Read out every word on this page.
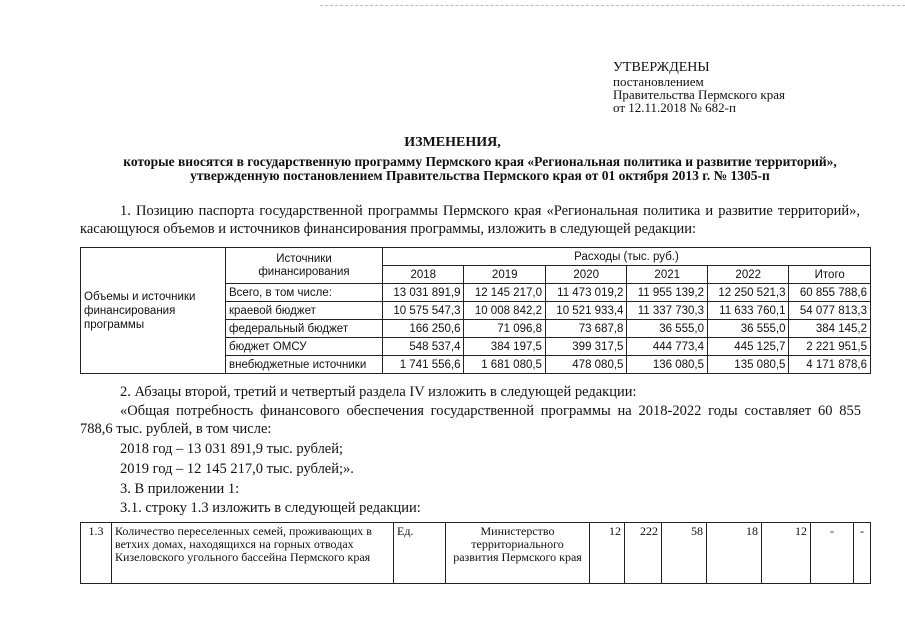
УТВЕРЖДЕНЫ
постановлением
Правительства Пермского края
от 12.11.2018 № 682-п
ИЗМЕНЕНИЯ,
которые вносятся в государственную программу Пермского края «Региональная политика и развитие территорий», утвержденную постановлением Правительства Пермского края от 01 октября 2013 г. № 1305-п
1. Позицию паспорта государственной программы Пермского края «Региональная политика и развитие территорий», касающуюся объемов и источников финансирования программы, изложить в следующей редакции:
Объемы и источники финансирования программы	Источники финансирования	Расходы (тыс. руб.)					
		2018	2019	2020	2021	2022	Итого
	Всего, в том числе:	13 031 891,9	12 145 217,0	11 473 019,2	11 955 139,2	12 250 521,3	60 855 788,6
	краевой бюджет	10 575 547,3	10 008 842,2	10 521 933,4	11 337 730,3	11 633 760,1	54 077 813,3
	федеральный бюджет	166 250,6	71 096,8	73 687,8	36 555,0	36 555,0	384 145,2
	бюджет ОМСУ	548 537,4	384 197,5	399 317,5	444 773,4	445 125,7	2 221 951,5
	внебюджетные источники	1 741 556,6	1 681 080,5	478 080,5	136 080,5	135 080,5	4 171 878,6
2. Абзацы второй, третий и четвертый раздела IV изложить в следующей редакции:
«Общая потребность финансового обеспечения государственной программы на 2018-2022 годы составляет 60 855 788,6 тыс. рублей, в том числе:
2018 год – 13 031 891,9 тыс. рублей;
2019 год – 12 145 217,0 тыс. рублей;».
3. В приложении 1:
3.1. строку 1.3 изложить в следующей редакции:
1.3	Количество переселенных семей, проживающих в ветхих домах, находящихся на горных отводах Кизеловского угольного бассейна Пермского края	Ед.	Министерство территориального развития Пермского края	12	222	58	18	12	-	-
